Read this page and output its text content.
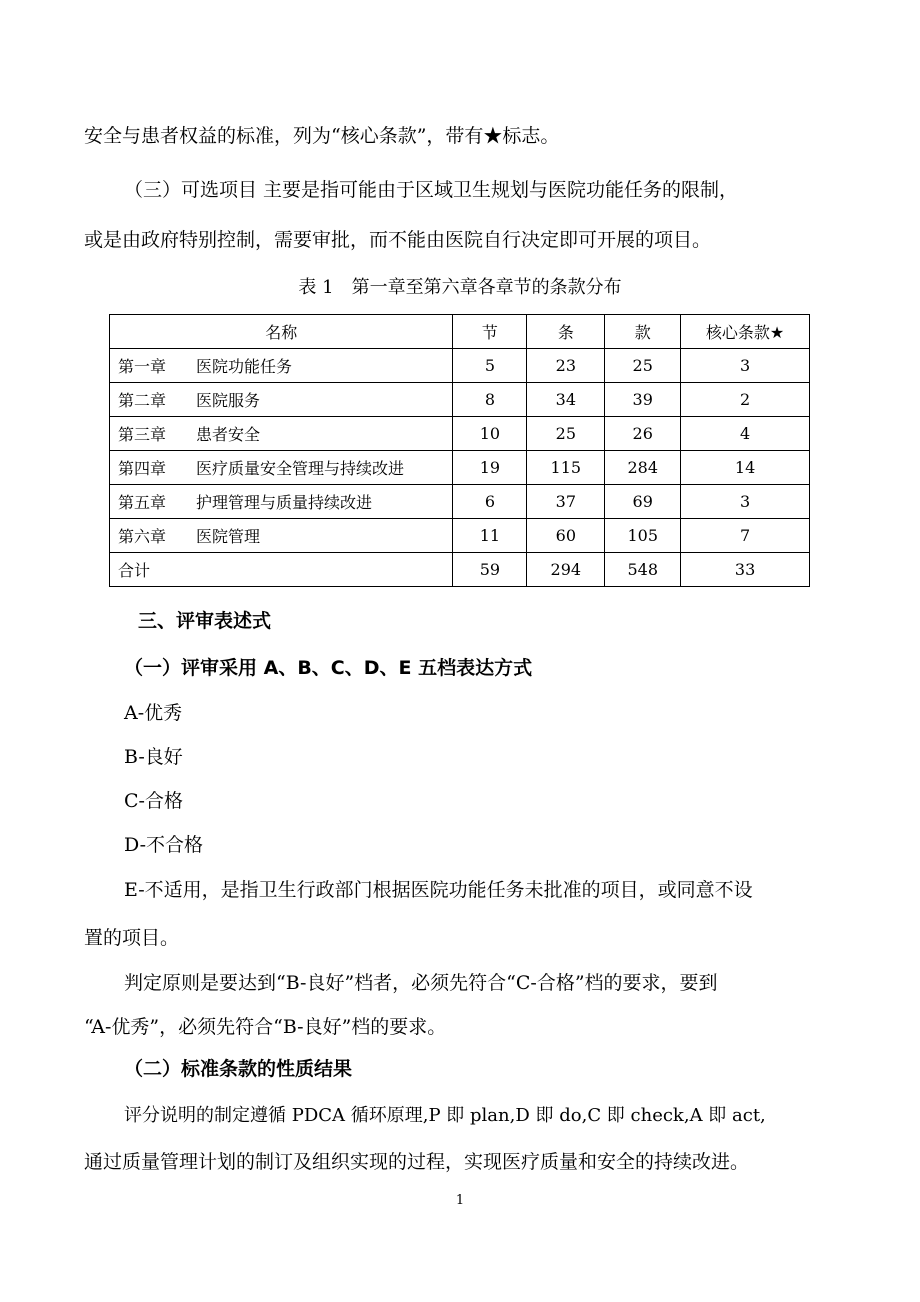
安全与患者权益的标准，列为“核心条款”，带有★标志。
（三）可选项目 主要是指可能由于区域卫生规划与医院功能任务的限制，
或是由政府特别控制，需要审批，而不能由医院自行决定即可开展的项目。
表 1　第一章至第六章各章节的条款分布
名称	节	条	款	核心条款★
第一章 医院功能任务	5	23	25	3
第二章 医院服务	8	34	39	2
第三章 患者安全	10	25	26	4
第四章 医疗质量安全管理与持续改进	19	115	284	14
第五章 护理管理与质量持续改进	6	37	69	3
第六章 医院管理	11	60	105	7
合计	59	294	548	33
三、评审表述式
（一）评审采用 A、B、C、D、E 五档表达方式
A-优秀
B-良好
C-合格
D-不合格
E-不适用，是指卫生行政部门根据医院功能任务未批准的项目，或同意不设
置的项目。
判定原则是要达到“B-良好”档者，必须先符合“C-合格”档的要求，要到
“A-优秀”，必须先符合“B-良好”档的要求。
（二）标准条款的性质结果
评分说明的制定遵循 PDCA 循环原理,P 即 plan,D 即 do,C 即 check,A 即 act,
通过质量管理计划的制订及组织实现的过程，实现医疗质量和安全的持续改进。
1
